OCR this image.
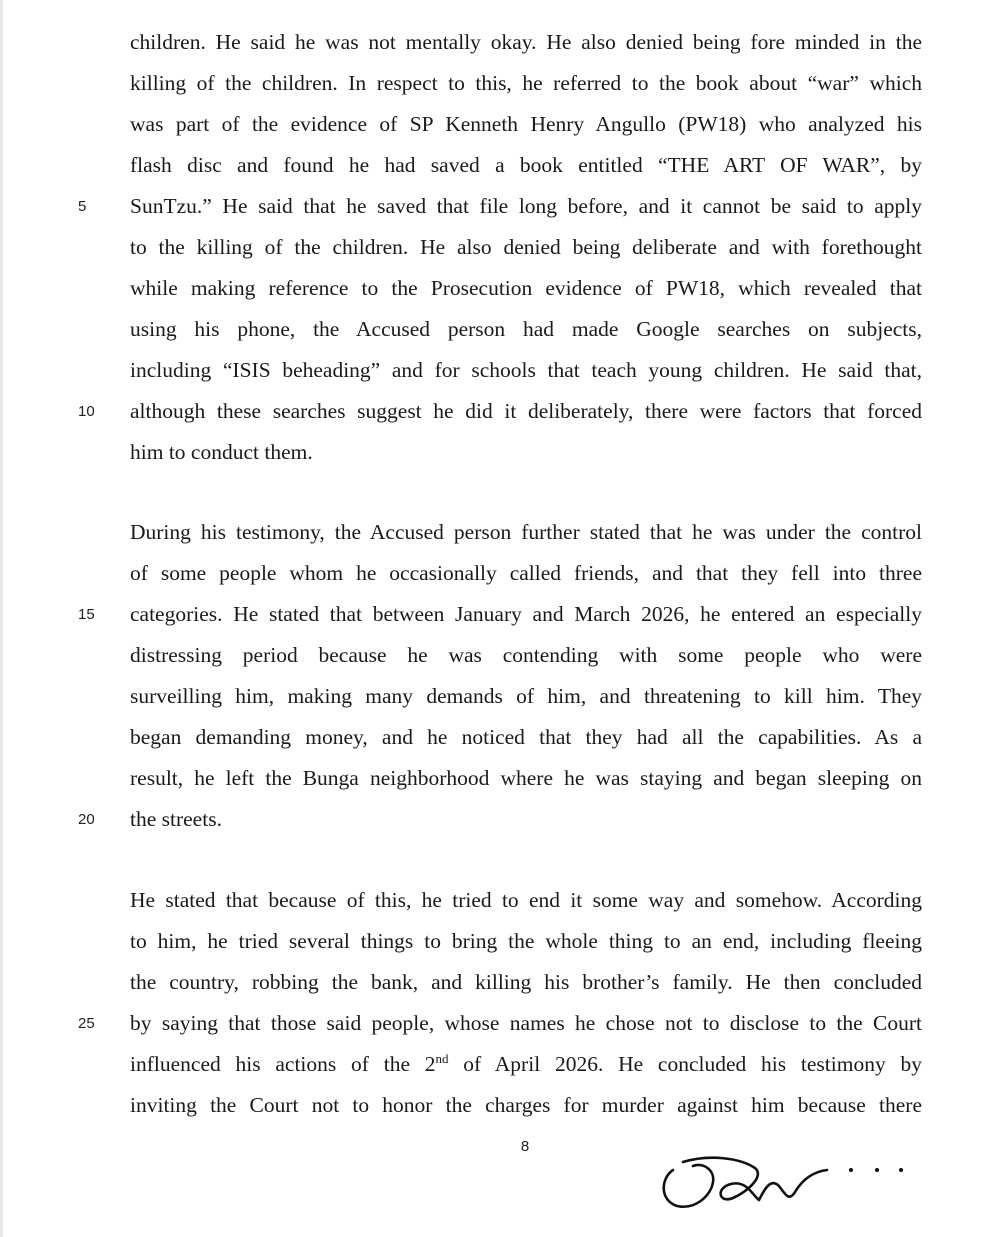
children. He said he was not mentally okay. He also denied being fore minded in the
killing of the children. In respect to this, he referred to the book about “war” which
was part of the evidence of SP Kenneth Henry Angullo (PW18) who analyzed his
flash disc and found he had saved a book entitled “THE ART OF WAR”, by
SunTzu.” He said that he saved that file long before, and it cannot be said to apply
to the killing of the children. He also denied being deliberate and with forethought
while making reference to the Prosecution evidence of PW18, which revealed that
using his phone, the Accused person had made Google searches on subjects,
including “ISIS beheading” and for schools that teach young children. He said that,
although these searches suggest he did it deliberately, there were factors that forced
him to conduct them.
During his testimony, the Accused person further stated that he was under the control
of some people whom he occasionally called friends, and that they fell into three
categories. He stated that between January and March 2026, he entered an especially
distressing period because he was contending with some people who were
surveilling him, making many demands of him, and threatening to kill him. They
began demanding money, and he noticed that they had all the capabilities. As a
result, he left the Bunga neighborhood where he was staying and began sleeping on
the streets.
He stated that because of this, he tried to end it some way and somehow. According
to him, he tried several things to bring the whole thing to an end, including fleeing
the country, robbing the bank, and killing his brother’s family. He then concluded
by saying that those said people, whose names he chose not to disclose to the Court
influenced his actions of the 2nd of April 2026. He concluded his testimony by
inviting the Court not to honor the charges for murder against him because there
5
10
15
20
25
8
